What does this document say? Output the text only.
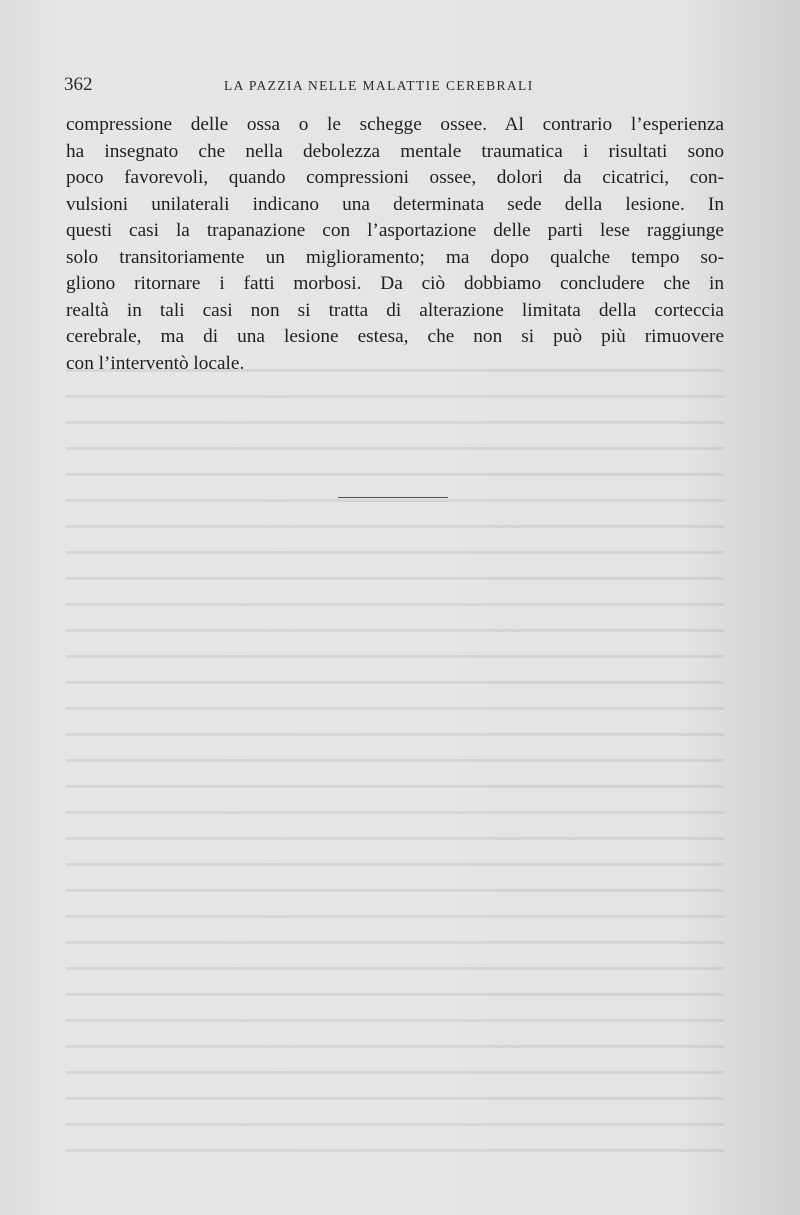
362	LA PAZZIA NELLE MALATTIE CEREBRALI
compressione delle ossa o le schegge ossee. Al contrario l’esperienza
ha insegnato che nella debolezza mentale traumatica i risultati sono
poco favorevoli, quando compressioni ossee, dolori da cicatrici, con-
vulsioni unilaterali indicano una determinata sede della lesione. In
questi casi la trapanazione con l’asportazione delle parti lese raggiunge
solo transitoriamente un miglioramento; ma dopo qualche tempo so-
gliono ritornare i fatti morbosi. Da ciò dobbiamo concludere che in
realtà in tali casi non si tratta di alterazione limitata della corteccia
cerebrale, ma di una lesione estesa, che non si può più rimuovere
con l’interventò locale.
